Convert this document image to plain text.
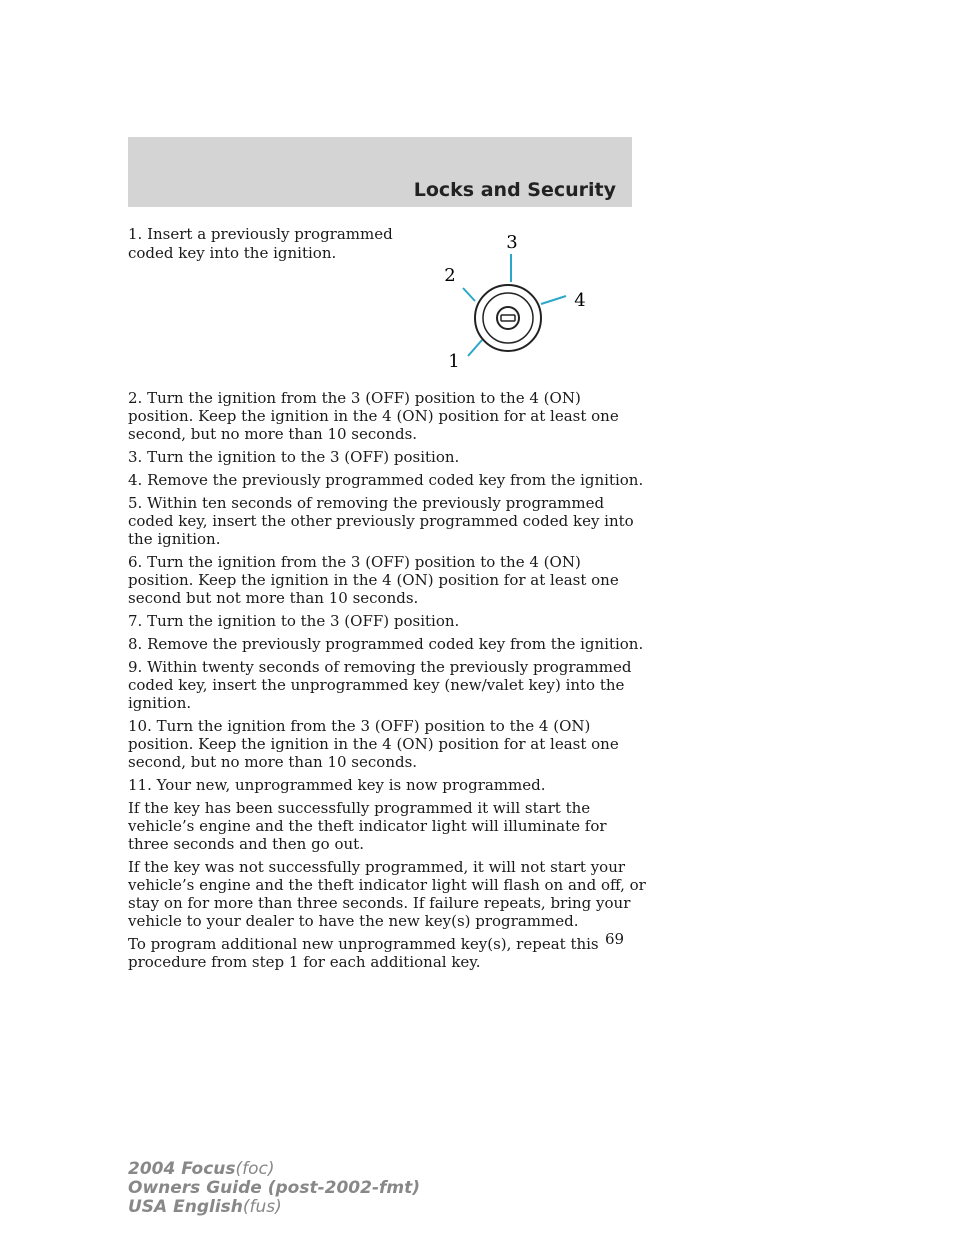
Locks and Security

1. Insert a previously programmed coded key into the ignition.	3
2
4
1

2. Turn the ignition from the 3 (OFF) position to the 4 (ON) position. Keep the ignition in the 4 (ON) position for at least one second, but no more than 10 seconds.

3. Turn the ignition to the 3 (OFF) position.

4. Remove the previously programmed coded key from the ignition.

5. Within ten seconds of removing the previously programmed coded key, insert the other previously programmed coded key into the ignition.

6. Turn the ignition from the 3 (OFF) position to the 4 (ON) position. Keep the ignition in the 4 (ON) position for at least one second but not more than 10 seconds.

7. Turn the ignition to the 3 (OFF) position.

8. Remove the previously programmed coded key from the ignition.

9. Within twenty seconds of removing the previously programmed coded key, insert the unprogrammed key (new/valet key) into the ignition.

10. Turn the ignition from the 3 (OFF) position to the 4 (ON) position. Keep the ignition in the 4 (ON) position for at least one second, but no more than 10 seconds.

11. Your new, unprogrammed key is now programmed.

If the key has been successfully programmed it will start the vehicle’s engine and the theft indicator light will illuminate for three seconds and then go out.

If the key was not successfully programmed, it will not start your vehicle’s engine and the theft indicator light will flash on and off, or stay on for more than three seconds. If failure repeats, bring your vehicle to your dealer to have the new key(s) programmed.

To program additional new unprogrammed key(s), repeat this procedure from step 1 for each additional key.

69
2004 Focus(foc)
Owners Guide (post-2002-fmt)
USA English(fus)
